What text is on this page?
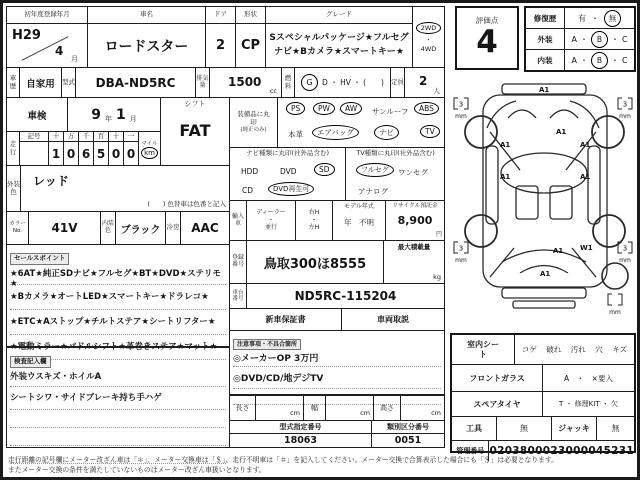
初年度登録年月	車名	ドア	形状	グレード
H29
4
月
ロードスター 2 CP Sスペシャルパッケージ★フルセグナビ★Bカメラ★スマートキー★
2WD
・
4WD
評価点
4
修復歴	有 ・	無
外装 A ・	B	・ C
内装 A ・	B	・ C
車歴 自家用 型式 DBA-ND5RC	排気量 1500
cc
燃料	G	D ・ HV ・ (　　) 定員 2
人
車検	9 年 1 月
走行
記号 十 万 千 百 十 一
1 0 6 5 0 0
マイル
km
シフト
FAT
外装色
レッド
(　　) 色替車は色番と記入
カラーNo.	41V	内装色 ブラック 冷房 AAC
セールスポイント
★6AT★純正SDナビ★フルセグ★BT★DVD★ステリモ★
★Bカメラ★オートLED★スマートキー★ドラレコ★
★ETC★Aストップ★チルトステア★シートリフター★
★電動ミラー★パドルシフト★革巻きステア★マット★
検査記入欄
外装ウスキズ・ホイルA
シートシワ・サイドブレーキ持ち手ハゲ
装備品に丸印
(純正のみ)
PS	PW	AW	サンルーフ	ABS
本革	エアバッグ	ナビ	TV
ナビ種類に丸印(社外品含む)
HDD	DVD	SD
CD	DVD再生可
TV種類に丸印(社外品含む)
フルセグ	ワンセグ
アナログ
輸入車
ディーラー
・
並行
右H
・
左H
モデル年式
年　不明
リサイクル預託金
8,900
円
登録番号 鳥取300ほ8555
最大積載量
kg
車台番号	ND5RC-115204
新車保証書	車両取説
注意事項・不具合箇所
◎メーカーOP 3万円
◎DVD/CD/地デジTV
長さ
cm
幅
cm
高さ
cm
型式指定番号	類別区分番号
18063	0051
A1
A1
A1	A1
A1	A1
W1
A1
A1
3
mm
3
mm
3
mm
3
mm
mm
室内シート	コゲ 破れ 汚れ 穴 キズ
フロントガラス	A　・　×要入
スペアタイヤ	T ・ 修理KIT ・ 欠
工具	無	ジャッキ	無
管理番号 0203800023000045231
走行距離の記号欄にメーター改ざん車は「＊」、メーター交換車は「＄」、走行不明車は「＃」を記入してください。メーター交換で合算表示した場合にも「＄」は必要となります。
またメーター交換の条件を満たしていないものはメーター改ざん車扱いとなります。
